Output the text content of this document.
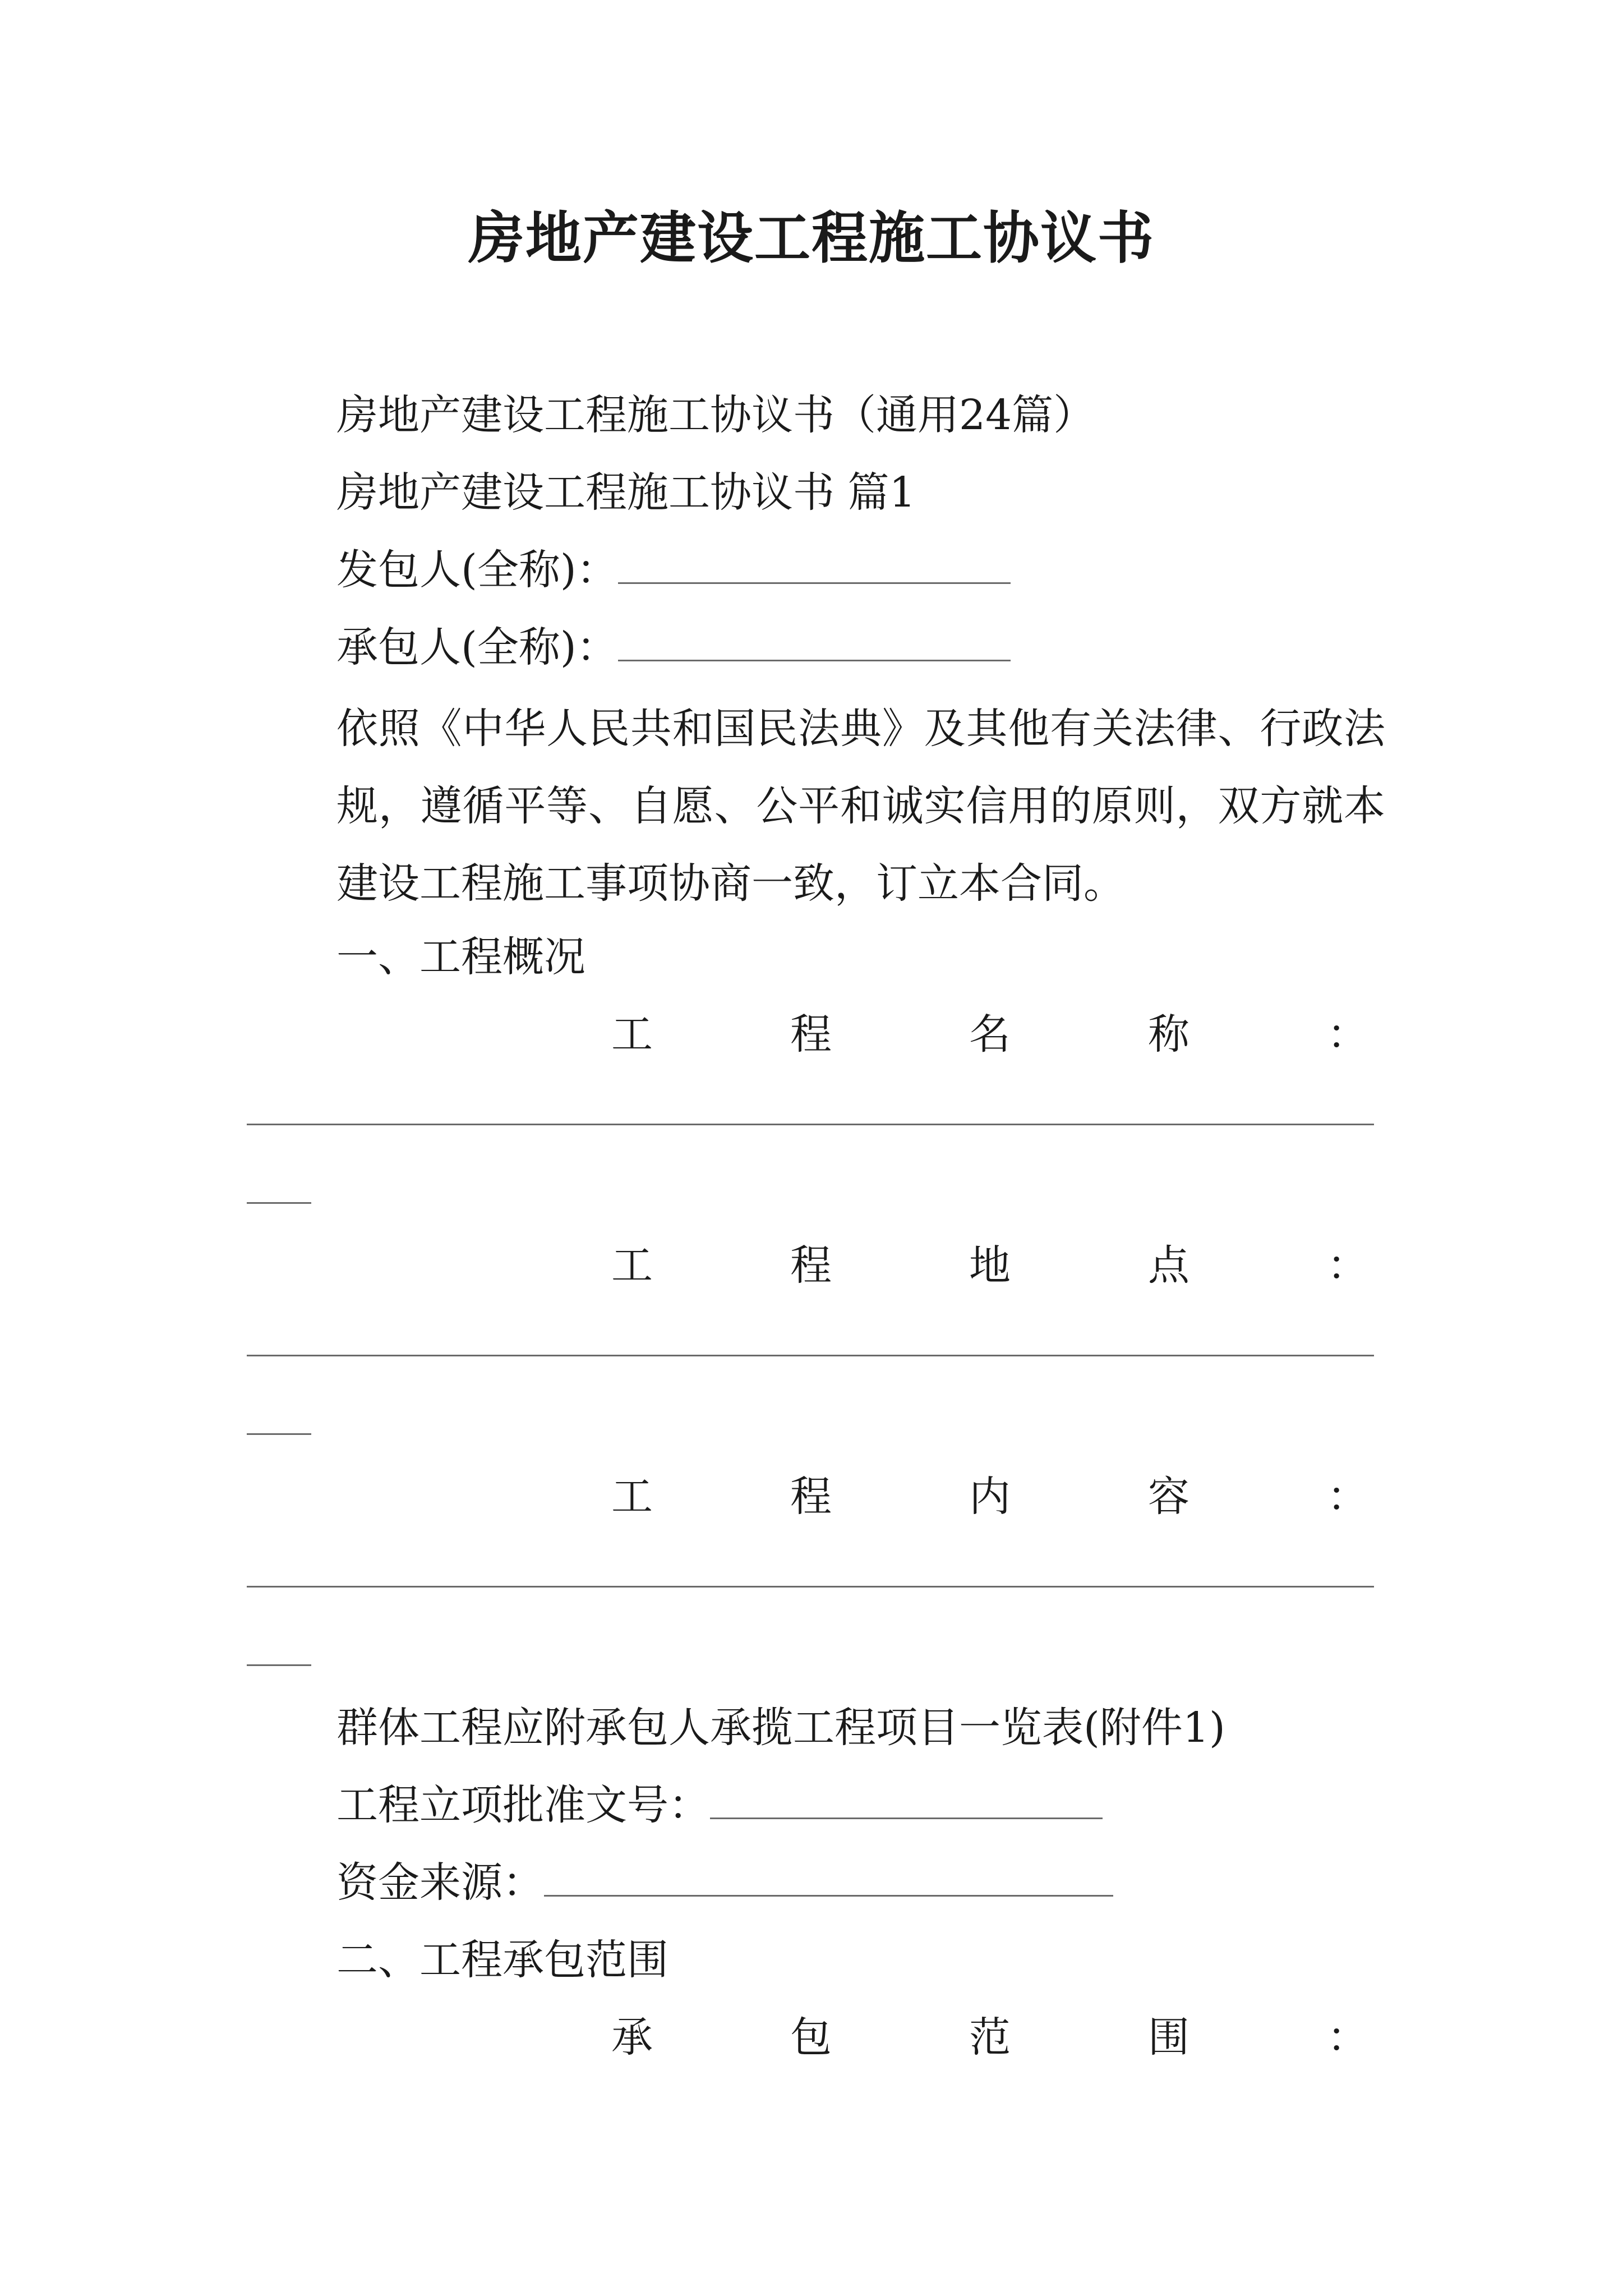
房地产建设工程施工协议书
房地产建设工程施工协议书（通用24篇）
房地产建设工程施工协议书 篇1
发包人(全称)：
承包人(全称)：
依照《中华人民共和国民法典》及其他有关法律、行政法规，遵循平等、自愿、公平和诚实信用的原则，双方就本建设工程施工事项协商一致，订立本合同。
一、工程概况
工	程	名	称	：
工	程	地	点	：
工	程	内	容	：
群体工程应附承包人承揽工程项目一览表(附件1)
工程立项批准文号：
资金来源：
二、工程承包范围
承	包	范	围	：
